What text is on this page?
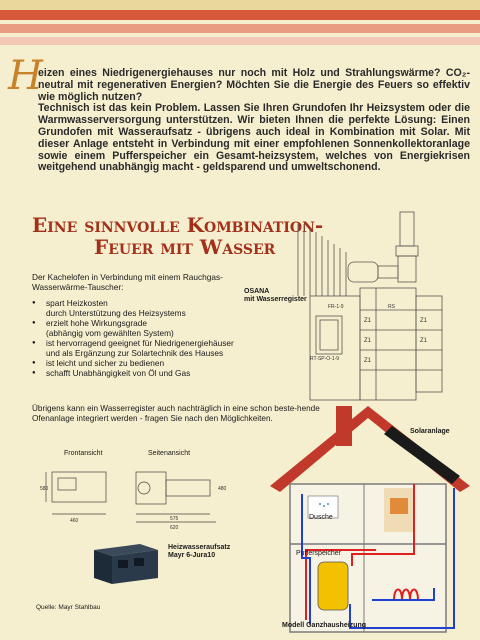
H

eizen eines Niedrigenergiehauses nur noch mit Holz und Strahlungswärme? CO₂-neutral mit regenerativen Energien? Möchten Sie die Energie des Feuers so effektiv wie möglich nutzen?

Technisch ist das kein Problem. Lassen Sie Ihren Grundofen Ihr Heizsystem oder die Warmwasserversorgung unterstützen. Wir bieten Ihnen die perfekte Lösung: Einen Grundofen mit Wasseraufsatz - übrigens auch ideal in Kombination mit Solar. Mit dieser Anlage entsteht in Verbindung mit einer empfohlenen Sonnenkollektoranlage sowie einem Pufferspeicher ein Gesamt-heizsystem, welches von Energiekrisen weitgehend unabhängig macht - geldsparend und umweltschonend.

Eine sinnvolle Kombination-
Feuer mit Wasser
Der Kachelofen in Verbindung mit einem Rauchgas-Wasserwärme-Tauscher:
● spart Heizkosten
durch Unterstützung des Heizsystems
● erzielt hohe Wirkungsgrade
(abhängig vom gewählten System)
● ist hervorragend geeignet für Niedrigenergiehäuser
und als Ergänzung zur Solartechnik des Hauses
● ist leicht und sicher zu bedienen
● schafft Unabhängigkeit von Öl und Gas
OSANA
mit Wasserregister
FR-1-9
RT-SP-O-1-9
RS
Z1
Z1
Z1
Z1
Z1
Übrigens kann ein Wasserregister auch nachträglich in eine schon beste-hende Ofenanlage integriert werden - fragen Sie nach den Möglichkeiten.
Frontansicht	Seitenansicht
460
580	480
575
620
Heizwasseraufsatz
Mayr 6-Jura10
Quelle: Mayr Stahlbau
Solaranlage
Dusche
Pufferspeicher
Modell Ganzhausheizung
